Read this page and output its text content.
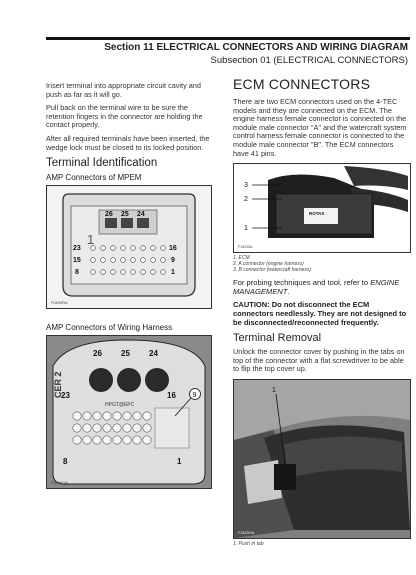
Section 11 ELECTRICAL CONNECTORS AND WIRING DIAGRAM
Subsection 01 (ELECTRICAL CONNECTORS)

Insert terminal into appropriate circuit cavity and push as far as it will go.

Pull back on the terminal wire to be sure the retention fingers in the connector are holding the contact properly.

After all required terminals have been inserted, the wedge lock must be closed to its locked position.

Terminal Identification
AMP Connectors of MPEM
26 25 24
23	16
15	9
8	1
1
F04H6RA
AMP Connectors of Wiring Harness
HPGT@EPC
9
26 25 24
23	16
8	1
CER 2
F06H6QA
ECM CONNECTORS

There are two ECM connectors used on the 4-TEC models and they are connected on the ECM. The engine harness female connector is connected on the module male connector "A" and the watercraft system control harness female connector is connected to the module male connector "B". The ECM connectors have 41 pins.

ROTAX
3
2
1
F18Z0IA
1. ECM
2. A connector (engine harness)
3. B connector (watercraft harness)

For probing techniques and tool, refer to ENGINE MANAGEMENT.

CAUTION: Do not disconnect the ECM connectors needlessly. They are not designed to be disconnected/reconnected frequently.

Terminal Removal

Unlock the connector cover by pushing in the tabs on top of the connector with a flat screwdriver to be able to flip the top cover up.

1
F18Z0HA
1. Push in tab
